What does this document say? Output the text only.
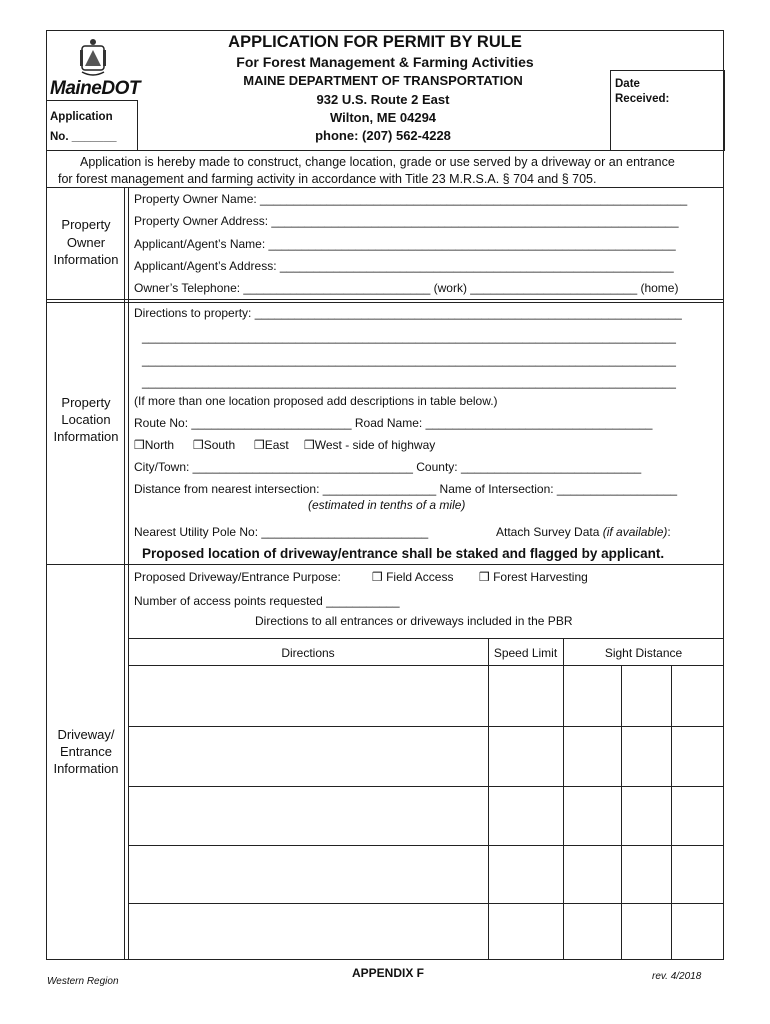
MaineDOT
Application
No. _______
APPLICATION FOR PERMIT BY RULE
For Forest Management & Farming Activities
MAINE DEPARTMENT OF TRANSPORTATION
932 U.S. Route 2 East
Wilton, ME 04294
phone: (207) 562-4228
Date
Received:
Application is hereby made to construct, change location, grade or use served by a driveway or an entrance
for forest management and farming activity in accordance with Title 23 M.R.S.A. § 704 and § 705.
Property
Owner
Information
Property Owner Name: ________________________________________________________________
Property Owner Address: _____________________________________________________________
Applicant/Agent’s Name: _____________________________________________________________
Applicant/Agent’s Address: ___________________________________________________________
Owner’s Telephone: ____________________________ (work) _________________________ (home)
Property
Location
Information
Directions to property: ________________________________________________________________
________________________________________________________________________________
________________________________________________________________________________
________________________________________________________________________________
(If more than one location proposed add descriptions in table below.)
Route No: ________________________ Road Name: __________________________________
❒North ❒South ❒East ❒West - side of highway
City/Town: _________________________________ County: ___________________________
Distance from nearest intersection: _________________ Name of Intersection: __________________
(estimated in tenths of a mile)
Nearest Utility Pole No: _________________________	Attach Survey Data (if available):
Proposed location of driveway/entrance shall be staked and flagged by applicant.
Driveway/
Entrance
Information
Proposed Driveway/Entrance Purpose:	❒ Field Access ❒ Forest Harvesting
Number of access points requested ___________
Directions to all entrances or driveways included in the PBR
Directions	Speed Limit	Sight Distance
Western Region
APPENDIX F	rev. 4/2018
